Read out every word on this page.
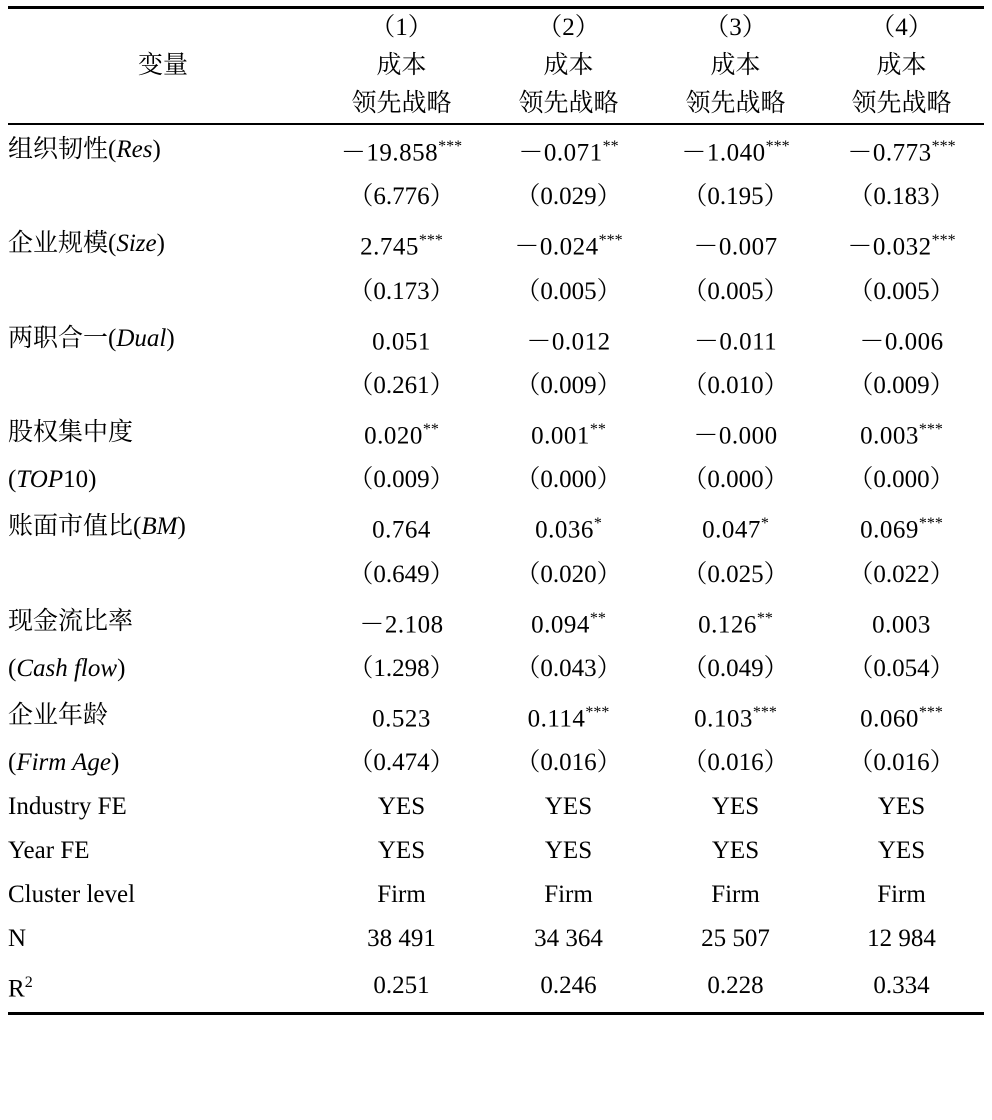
	（1）	（2）	（3）	（4）
变量	成本	成本	成本	成本
	领先战略	领先战略	领先战略	领先战略
组织韧性(Res)	－19.858***	－0.071**	－1.040***	－0.773***
	（6.776）	（0.029）	（0.195）	（0.183）
企业规模(Size)	2.745***	－0.024***	－0.007	－0.032***
	（0.173）	（0.005）	（0.005）	（0.005）
两职合一(Dual)	0.051	－0.012	－0.011	－0.006
	（0.261）	（0.009）	（0.010）	（0.009）
股权集中度	0.020**	0.001**	－0.000	0.003***
(TOP10)	（0.009）	（0.000）	（0.000）	（0.000）
账面市值比(BM)	0.764	0.036*	0.047*	0.069***
	（0.649）	（0.020）	（0.025）	（0.022）
现金流比率	－2.108	0.094**	0.126**	0.003
(Cash flow)	（1.298）	（0.043）	（0.049）	（0.054）
企业年龄	0.523	0.114***	0.103***	0.060***
(Firm Age)	（0.474）	（0.016）	（0.016）	（0.016）
Industry FE	YES	YES	YES	YES
Year FE	YES	YES	YES	YES
Cluster level	Firm	Firm	Firm	Firm
N	38 491	34 364	25 507	12 984
$R^2$	0.251	0.246	0.228	0.334
